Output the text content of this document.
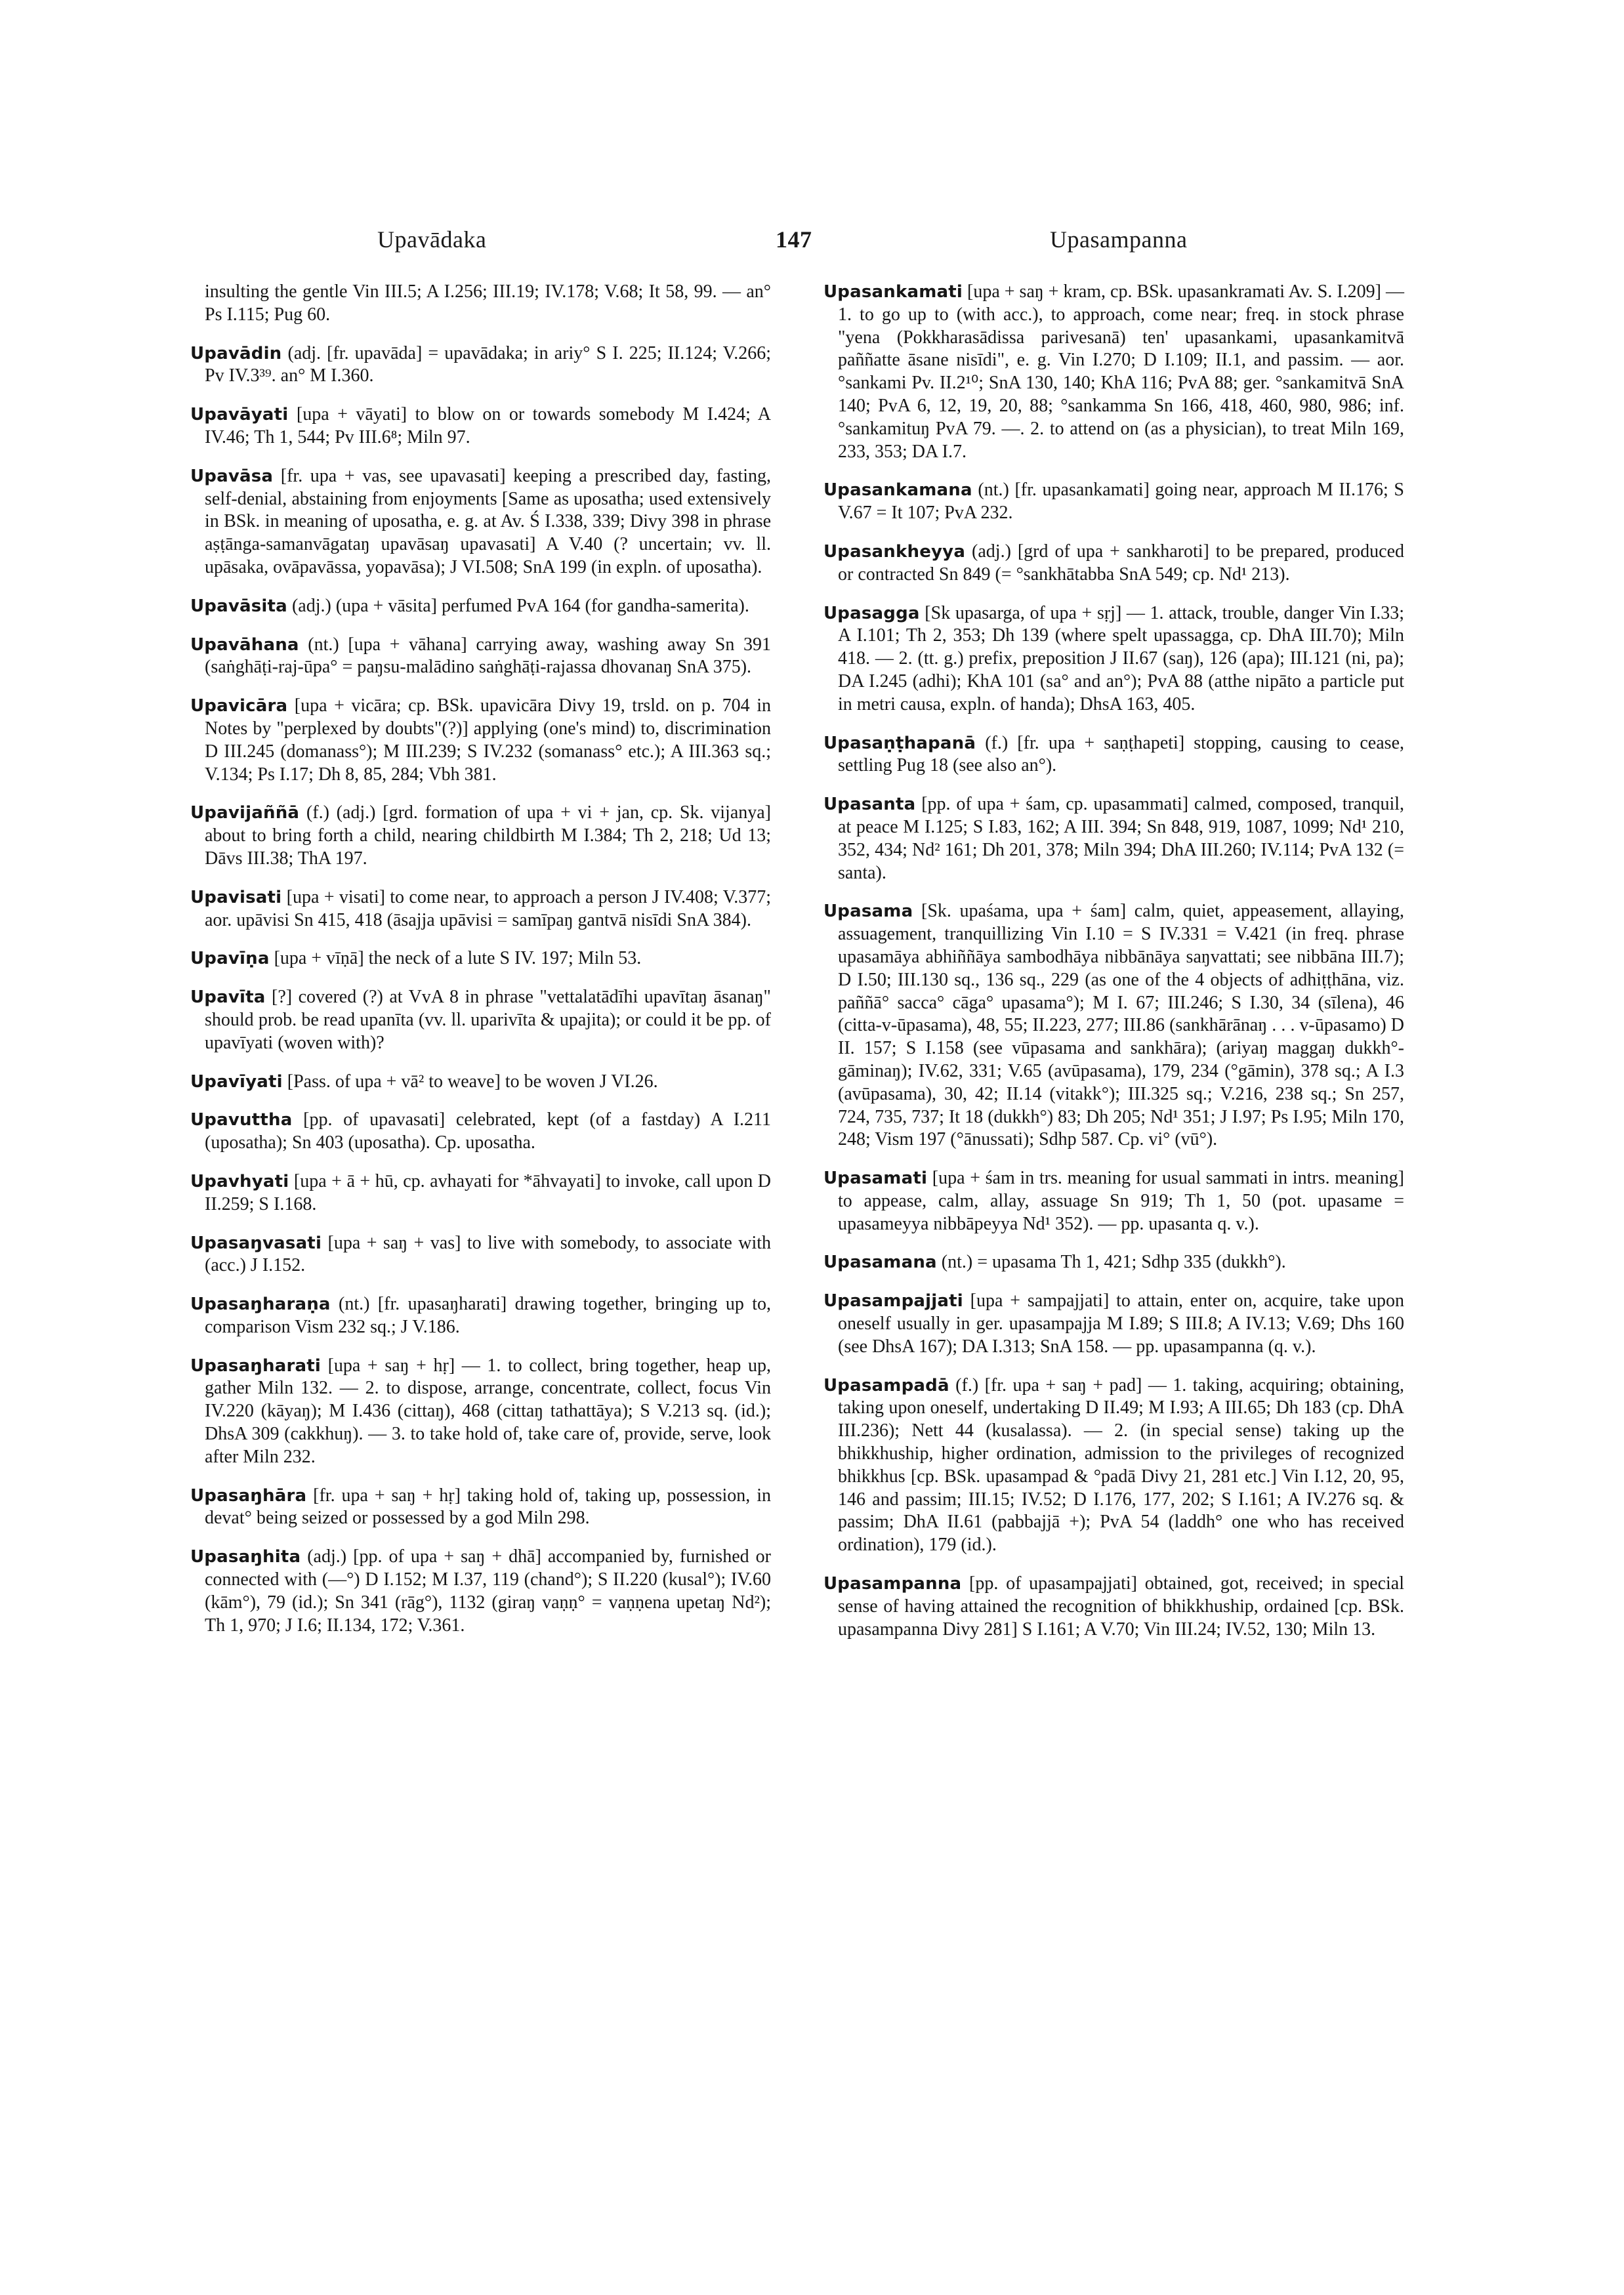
Upavādaka	147	Upasampanna

insulting the gentle Vin III.5; A I.256; III.19; IV.178; V.68; It 58, 99. — an° Ps I.115; Pug 60.

Upavādin (adj. [fr. upavāda] = upavādaka; in ariy° S I. 225; II.124; V.266; Pv IV.3³⁹. an° M I.360.

Upavāyati [upa + vāyati] to blow on or towards somebody M I.424; A IV.46; Th 1, 544; Pv III.6⁸; Miln 97.

Upavāsa [fr. upa + vas, see upavasati] keeping a prescribed day, fasting, self-denial, abstaining from enjoyments [Same as uposatha; used extensively in BSk. in meaning of uposatha, e. g. at Av. Ś I.338, 339; Divy 398 in phrase aṣṭānga-samanvāgataŋ upavāsaŋ upavasati] A V.40 (? uncertain; vv. ll. upāsaka, ovāpavāssa, yopavāsa); J VI.508; SnA 199 (in expln. of uposatha).

Upavāsita (adj.) (upa + vāsita] perfumed PvA 164 (for gandha-samerita).

Upavāhana (nt.) [upa + vāhana] carrying away, washing away Sn 391 (saṅghāṭi-raj-ūpa° = paŋsu-malādino saṅghāṭi-rajassa dhovanaŋ SnA 375).

Upavicāra [upa + vicāra; cp. BSk. upavicāra Divy 19, trsld. on p. 704 in Notes by "perplexed by doubts"(?)] applying (one's mind) to, discrimination D III.245 (domanass°); M III.239; S IV.232 (somanass° etc.); A III.363 sq.; V.134; Ps I.17; Dh 8, 85, 284; Vbh 381.

Upavijaññā (f.) (adj.) [grd. formation of upa + vi + jan, cp. Sk. vijanya] about to bring forth a child, nearing childbirth M I.384; Th 2, 218; Ud 13; Dāvs III.38; ThA 197.

Upavisati [upa + visati] to come near, to approach a person J IV.408; V.377; aor. upāvisi Sn 415, 418 (āsajja upāvisi = samīpaŋ gantvā nisīdi SnA 384).

Upavīṇa [upa + vīṇā] the neck of a lute S IV. 197; Miln 53.

Upavīta [?] covered (?) at VvA 8 in phrase "vettalatādīhi upavītaŋ āsanaŋ" should prob. be read upanīta (vv. ll. uparivīta & upajita); or could it be pp. of upavīyati (woven with)?

Upavīyati [Pass. of upa + vā² to weave] to be woven J VI.26.

Upavuttha [pp. of upavasati] celebrated, kept (of a fastday) A I.211 (uposatha); Sn 403 (uposatha). Cp. uposatha.

Upavhyati [upa + ā + hū, cp. avhayati for *āhvayati] to invoke, call upon D II.259; S I.168.

Upasaŋvasati [upa + saŋ + vas] to live with somebody, to associate with (acc.) J I.152.

Upasaŋharaṇa (nt.) [fr. upasaŋharati] drawing together, bringing up to, comparison Vism 232 sq.; J V.186.

Upasaŋharati [upa + saŋ + hṛ] — 1. to collect, bring together, heap up, gather Miln 132. — 2. to dispose, arrange, concentrate, collect, focus Vin IV.220 (kāyaŋ); M I.436 (cittaŋ), 468 (cittaŋ tathattāya); S V.213 sq. (id.); DhsA 309 (cakkhuŋ). — 3. to take hold of, take care of, provide, serve, look after Miln 232.

Upasaŋhāra [fr. upa + saŋ + hṛ] taking hold of, taking up, possession, in devat° being seized or possessed by a god Miln 298.

Upasaŋhita (adj.) [pp. of upa + saŋ + dhā] accompanied by, furnished or connected with (—°) D I.152; M I.37, 119 (chand°); S II.220 (kusal°); IV.60 (kām°), 79 (id.); Sn 341 (rāg°), 1132 (giraŋ vaṇṇ° = vaṇṇena upetaŋ Nd²); Th 1, 970; J I.6; II.134, 172; V.361.

Upasankamati [upa + saŋ + kram, cp. BSk. upasankramati Av. S. I.209] — 1. to go up to (with acc.), to approach, come near; freq. in stock phrase "yena (Pokkharasādissa parivesanā) ten' upasankami, upasankamitvā paññatte āsane nisīdi", e. g. Vin I.270; D I.109; II.1, and passim. — aor. °sankami Pv. II.2¹⁰; SnA 130, 140; KhA 116; PvA 88; ger. °sankamitvā SnA 140; PvA 6, 12, 19, 20, 88; °sankamma Sn 166, 418, 460, 980, 986; inf. °sankamituŋ PvA 79. —. 2. to attend on (as a physician), to treat Miln 169, 233, 353; DA I.7.

Upasankamana (nt.) [fr. upasankamati] going near, approach M II.176; S V.67 = It 107; PvA 232.

Upasankheyya (adj.) [grd of upa + sankharoti] to be prepared, produced or contracted Sn 849 (= °sankhātabba SnA 549; cp. Nd¹ 213).

Upasagga [Sk upasarga, of upa + sṛj] — 1. attack, trouble, danger Vin I.33; A I.101; Th 2, 353; Dh 139 (where spelt upassagga, cp. DhA III.70); Miln 418. — 2. (tt. g.) prefix, preposition J II.67 (saŋ), 126 (apa); III.121 (ni, pa); DA I.245 (adhi); KhA 101 (sa° and an°); PvA 88 (atthe nipāto a particle put in metri causa, expln. of handa); DhsA 163, 405.

Upasaṇṭhapanā (f.) [fr. upa + saṇṭhapeti] stopping, causing to cease, settling Pug 18 (see also an°).

Upasanta [pp. of upa + śam, cp. upasammati] calmed, composed, tranquil, at peace M I.125; S I.83, 162; A III. 394; Sn 848, 919, 1087, 1099; Nd¹ 210, 352, 434; Nd² 161; Dh 201, 378; Miln 394; DhA III.260; IV.114; PvA 132 (= santa).

Upasama [Sk. upaśama, upa + śam] calm, quiet, appeasement, allaying, assuagement, tranquillizing Vin I.10 = S IV.331 = V.421 (in freq. phrase upasamāya abhiññāya sambodhāya nibbānāya saŋvattati; see nibbāna III.7); D I.50; III.130 sq., 136 sq., 229 (as one of the 4 objects of adhiṭṭhāna, viz. paññā° sacca° cāga° upasama°); M I. 67; III.246; S I.30, 34 (sīlena), 46 (citta-v-ūpasama), 48, 55; II.223, 277; III.86 (sankhārānaŋ . . . v-ūpasamo) D II. 157; S I.158 (see vūpasama and sankhāra); (ariyaŋ maggaŋ dukkh°-gāminaŋ); IV.62, 331; V.65 (avūpasama), 179, 234 (°gāmin), 378 sq.; A I.3 (avūpasama), 30, 42; II.14 (vitakk°); III.325 sq.; V.216, 238 sq.; Sn 257, 724, 735, 737; It 18 (dukkh°) 83; Dh 205; Nd¹ 351; J I.97; Ps I.95; Miln 170, 248; Vism 197 (°ānussati); Sdhp 587. Cp. vi° (vū°).

Upasamati [upa + śam in trs. meaning for usual sammati in intrs. meaning] to appease, calm, allay, assuage Sn 919; Th 1, 50 (pot. upasame = upasameyya nibbāpeyya Nd¹ 352). — pp. upasanta q. v.).

Upasamana (nt.) = upasama Th 1, 421; Sdhp 335 (dukkh°).

Upasampajjati [upa + sampajjati] to attain, enter on, acquire, take upon oneself usually in ger. upasampajja M I.89; S III.8; A IV.13; V.69; Dhs 160 (see DhsA 167); DA I.313; SnA 158. — pp. upasampanna (q. v.).

Upasampadā (f.) [fr. upa + saŋ + pad] — 1. taking, acquiring; obtaining, taking upon oneself, undertaking D II.49; M I.93; A III.65; Dh 183 (cp. DhA III.236); Nett 44 (kusalassa). — 2. (in special sense) taking up the bhikkhuship, higher ordination, admission to the privileges of recognized bhikkhus [cp. BSk. upasampad & °padā Divy 21, 281 etc.] Vin I.12, 20, 95, 146 and passim; III.15; IV.52; D I.176, 177, 202; S I.161; A IV.276 sq. & passim; DhA II.61 (pabbajjā +); PvA 54 (laddh° one who has received ordination), 179 (id.).

Upasampanna [pp. of upasampajjati] obtained, got, received; in special sense of having attained the recognition of bhikkhuship, ordained [cp. BSk. upasampanna Divy 281] S I.161; A V.70; Vin III.24; IV.52, 130; Miln 13.
